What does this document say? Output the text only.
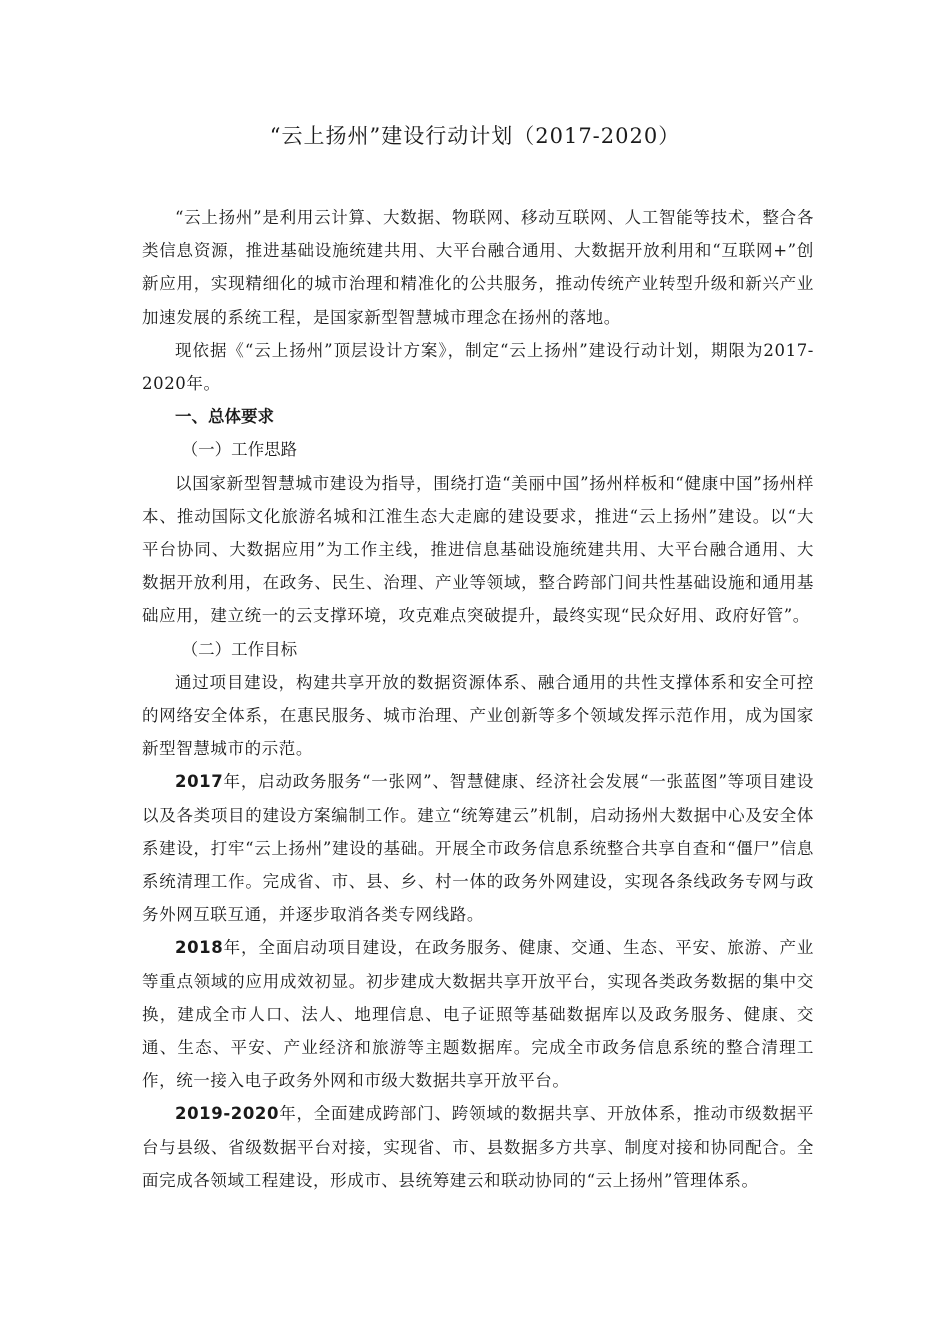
“云上扬州”建设行动计划（2017-2020）

“云上扬州”是利用云计算、大数据、物联网、移动互联网、人工智能等技术，整合各类信息资源，推进基础设施统建共用、大平台融合通用、大数据开放利用和“互联网+”创新应用，实现精细化的城市治理和精准化的公共服务，推动传统产业转型升级和新兴产业加速发展的系统工程，是国家新型智慧城市理念在扬州的落地。

现依据《“云上扬州”顶层设计方案》，制定“云上扬州”建设行动计划，期限为2017-2020年。

一、总体要求

（一）工作思路

以国家新型智慧城市建设为指导，围绕打造“美丽中国”扬州样板和“健康中国”扬州样本、推动国际文化旅游名城和江淮生态大走廊的建设要求，推进“云上扬州”建设。以“大平台协同、大数据应用”为工作主线，推进信息基础设施统建共用、大平台融合通用、大数据开放利用，在政务、民生、治理、产业等领域，整合跨部门间共性基础设施和通用基础应用，建立统一的云支撑环境，攻克难点突破提升，最终实现“民众好用、政府好管”。

（二）工作目标

通过项目建设，构建共享开放的数据资源体系、融合通用的共性支撑体系和安全可控的网络安全体系，在惠民服务、城市治理、产业创新等多个领域发挥示范作用，成为国家新型智慧城市的示范。

2017年，启动政务服务“一张网”、智慧健康、经济社会发展“一张蓝图”等项目建设以及各类项目的建设方案编制工作。建立“统筹建云”机制，启动扬州大数据中心及安全体系建设，打牢“云上扬州”建设的基础。开展全市政务信息系统整合共享自查和“僵尸”信息系统清理工作。完成省、市、县、乡、村一体的政务外网建设，实现各条线政务专网与政务外网互联互通，并逐步取消各类专网线路。

2018年，全面启动项目建设，在政务服务、健康、交通、生态、平安、旅游、产业等重点领域的应用成效初显。初步建成大数据共享开放平台，实现各类政务数据的集中交换，建成全市人口、法人、地理信息、电子证照等基础数据库以及政务服务、健康、交通、生态、平安、产业经济和旅游等主题数据库。完成全市政务信息系统的整合清理工作，统一接入电子政务外网和市级大数据共享开放平台。

2019-2020年，全面建成跨部门、跨领域的数据共享、开放体系，推动市级数据平台与县级、省级数据平台对接，实现省、市、县数据多方共享、制度对接和协同配合。全面完成各领域工程建设，形成市、县统筹建云和联动协同的“云上扬州”管理体系。
